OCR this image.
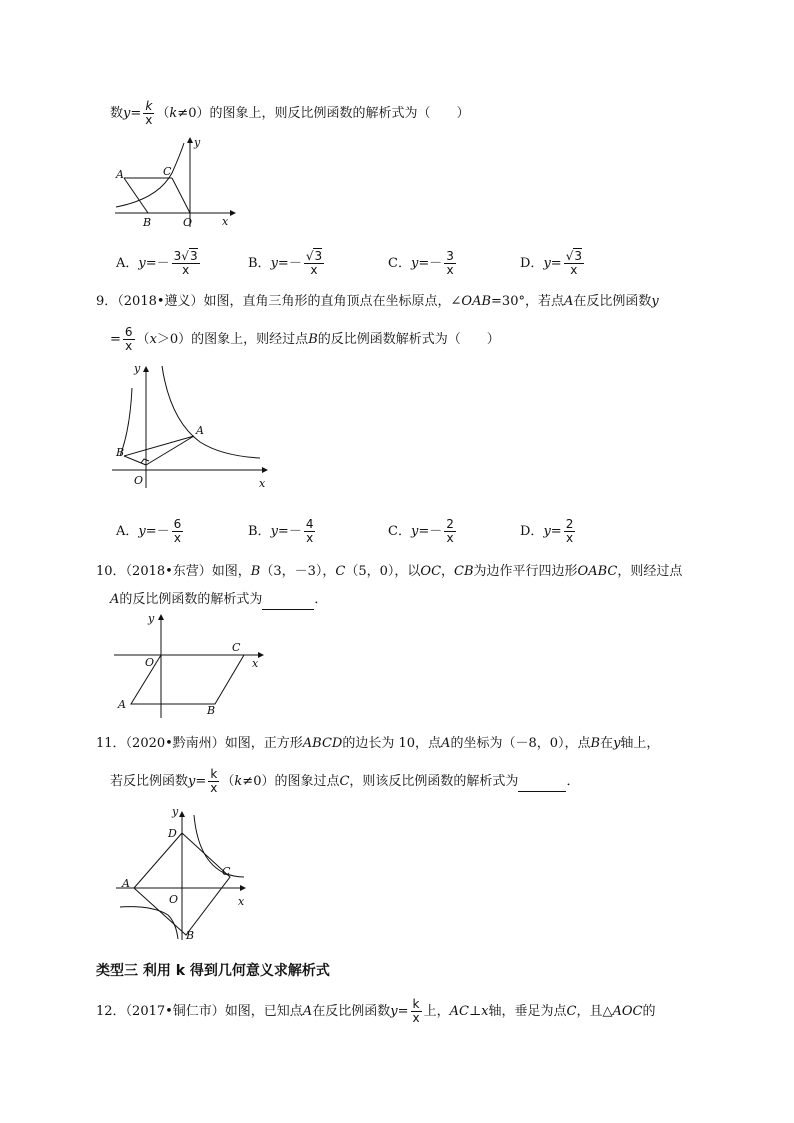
数$y= \frac{k}{x} (k\ne 0)$的图象上，则反比例函数的解析式为（　　）
y
A	C
B	O	x
A．$y=- \frac{3√3}{x}$	B．$y=- \frac{√3}{x}$	C．$y=- \frac{3}{x}$	D．$y= \frac{√3}{x}$
9．（2018•遵义）如图，直角三角形的直角顶点在坐标原点，∠OAB=30°，若点A在反比例函数y
= $\frac{6}{x} (x>0)$的图象上，则经过点B的反比例函数解析式为（　　）
y
A
B
O	x
A．$y=- \frac{6}{x}$	B．$y=- \frac{4}{x}$	C．$y=- \frac{2}{x}$	D．$y= \frac{2}{x}$
10．（2018•东营）如图，B（3，－3），C（5，0），以OC，CB为边作平行四边形OABC，则经过点
A的反比例函数的解析式为	．
y
O
C
x
A	B
11．（2020•黔南州）如图，正方形ABCD的边长为 10，点A的坐标为（－8，0），点B在y轴上，
若反比例函数$y= \frac{k}{x} (k\ne 0)$的图象过点C，则该反比例函数的解析式为	．
y
D
A
C
O	x
B
类型三 利用 k 得到几何意义求解析式
12．（2017•铜仁市）如图，已知点A在反比例函数$y= \frac{k}{x}$ 上，AC⊥x轴，垂足为点C，且△AOC的
